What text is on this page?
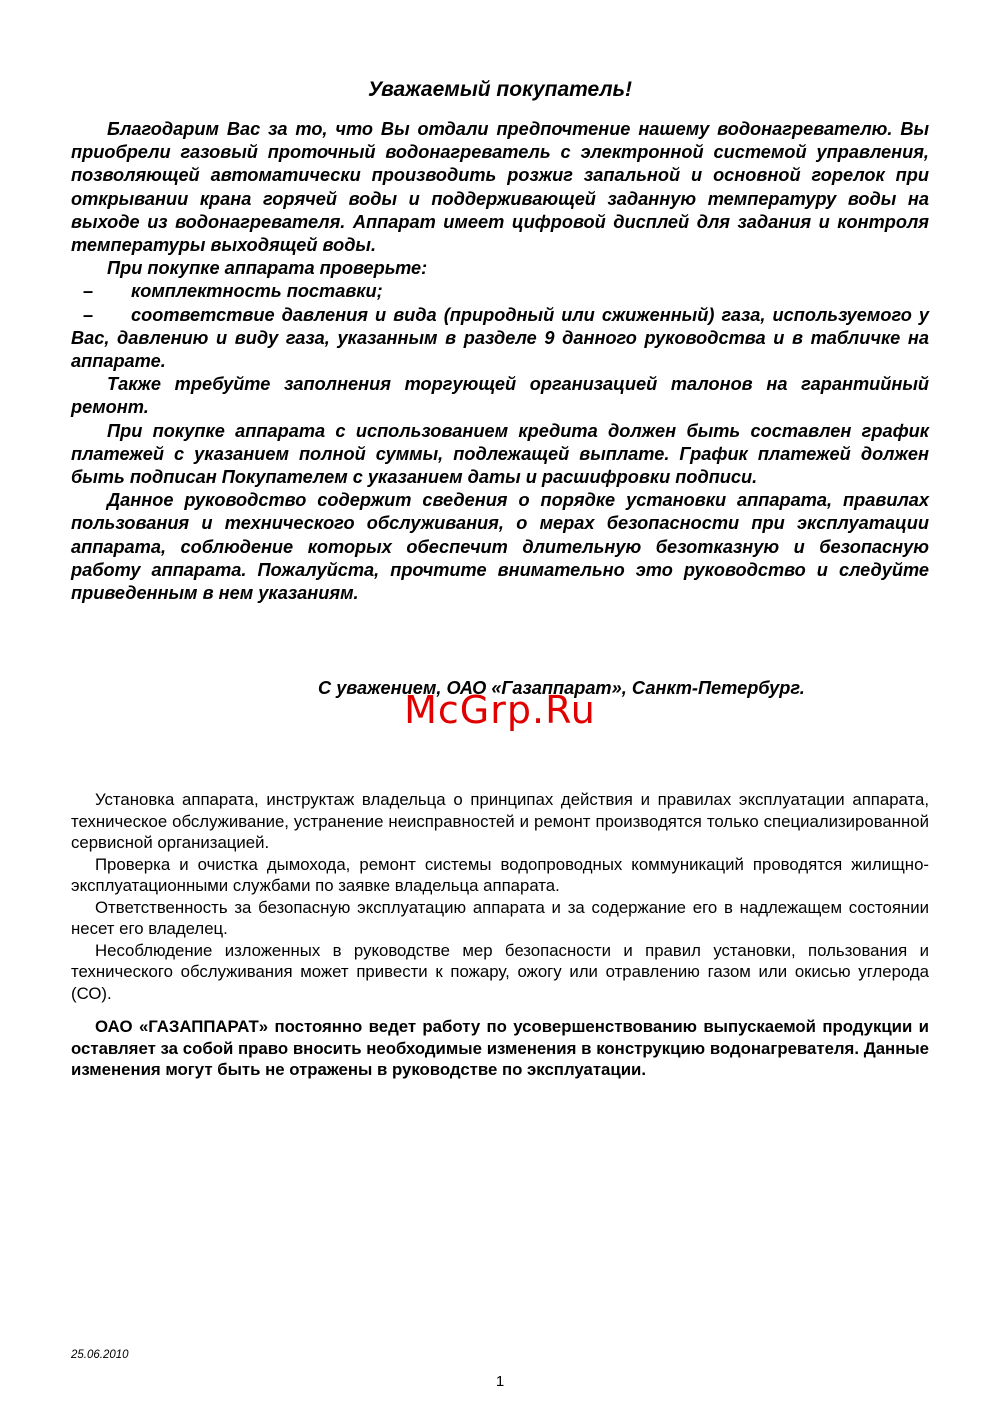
Уважаемый покупатель!

Благодарим Вас за то, что Вы отдали предпочтение нашему водонагревателю. Вы приобрели газовый проточный водонагреватель с электронной системой управления, позволяющей автоматически производить розжиг запальной и основной горелок при открывании крана горячей воды и поддерживающей заданную температуру воды на выходе из водонагревателя. Аппарат имеет цифровой дисплей для задания и контроля температуры выходящей воды.

При покупке аппарата проверьте:

– комплектность поставки;

– соответствие давления и вида (природный или сжиженный) газа, используемого у Вас, давлению и виду газа, указанным в разделе 9 данного руководства и в табличке на аппарате.

Также требуйте заполнения торгующей организацией талонов на гарантийный ремонт.

При покупке аппарата с использованием кредита должен быть составлен график платежей с указанием полной суммы, подлежащей выплате. График платежей должен быть подписан Покупателем с указанием даты и расшифровки подписи.

Данное руководство содержит сведения о порядке установки аппарата, правилах пользования и технического обслуживания, о мерах безопасности при эксплуатации аппарата, соблюдение которых обеспечит длительную безотказную и безопасную работу аппарата. Пожалуйста, прочтите внимательно это руководство и следуйте приведенным в нем указаниям.

С уважением, ОАО «Газаппарат», Санкт-Петербург.

McGrp.Ru

Установка аппарата, инструктаж владельца о принципах действия и правилах эксплуатации аппарата, техническое обслуживание, устранение неисправностей и ремонт производятся только специализированной сервисной организацией.

Проверка и очистка дымохода, ремонт системы водопроводных коммуникаций проводятся жилищно-эксплуатационными службами по заявке владельца аппарата.

Ответственность за безопасную эксплуатацию аппарата и за содержание его в надлежащем состоянии несет его владелец.

Несоблюдение изложенных в руководстве мер безопасности и правил установки, пользования и технического обслуживания может привести к пожару, ожогу или отравлению газом или окисью углерода (СО).

ОАО «ГАЗАППАРАТ» постоянно ведет работу по усовершенствованию выпускаемой продукции и оставляет за собой право вносить необходимые изменения в конструкцию водонагревателя. Данные изменения могут быть не отражены в руководстве по эксплуатации.

25.06.2010

1
